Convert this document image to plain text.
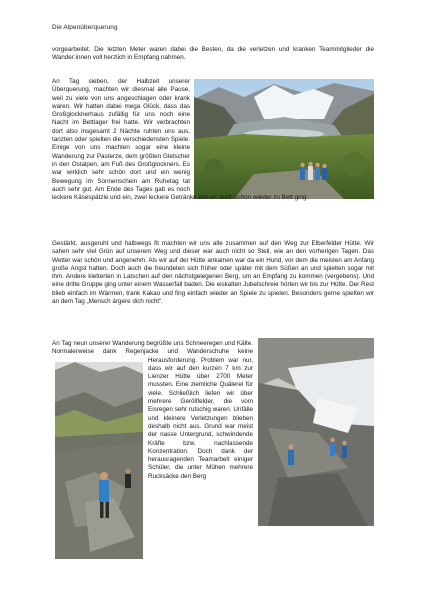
Die Alpenüberquerung

vorgearbeitet. Die letzten Meter waren dabei die Besten, da die verletzen und kranken Teammitglieder die Wander:innen voll herzlich in Empfang nahmen.

An Tag sieben, der Halbzeit unserer Überquerung, machten wir diesmal alle Pause, weil zu viele von uns angeschlagen oder krank waren. Wir hatten dabei mega Glück, dass das Großglocknerhaus zufällig für uns noch eine Nacht im Bettlager frei hatte. Wir verbrachten dort also insgesamt 2 Nächte ruhten uns aus, tanzten oder spielten die verschiedensten Spiele. Einige von uns machten sogar eine kleine Wanderung zur Pasterze, dem größten Gletscher in den Ostalpen, am Fuß des Großglockners. Es war wirklich sehr schön dort und ein wenig Bewegung im Sonnenschein am Ruhetag tat auch sehr gut. Am Ende des Tages gab es noch leckere Käsespätzle und ein, zwei leckere Getränke ehe es auch schon wieder zu Bett ging.

Gestärkt, ausgeruht und halbwegs fit machten wir uns alle zusammen auf den Weg zur Elberfelder Hütte. Wir sahen sehr viel Grün auf unserem Weg und dieser war auch nicht so Steil, wie an den vorherigen Tagen. Das Wetter war schön und angenehm. Als wir auf der Hütte ankamen war da ein Hund, vor dem die meisten am Anfang große Angst hatten. Doch auch die freundeten sich früher oder später mit dem Süßen an und spielten sogar mit ihm. Andere kletterten in Latschen auf den nächstgelegenen Berg, um an Empfang zu kommen (vergebens). Und eine dritte Gruppe ging unter einem Wasserfall baden. Die eiskalten Jubelschreie hörten wir bis zur Hütte. Der Rest blieb einfach im Wärmen, trank Kakao und fing einfach wieder an Spiele zu spielen. Besonders gerne spielten wir an dem Tag „Mensch ärgere dich nicht“.

An Tag neun unserer Wanderung begrüßte uns Schneeregen und Kälte. Normalerweise dank Regenjacke und Wanderschuhe keine Herausforderung. Problem war nur, dass wir auf den kurzen 7 km zur Lienzer Hütte über 2700 Meter mussten. Eine ziemliche Quälerei für viele. Schließlich liefen wir über mehrere Geröllfelder, die vom Eisregen sehr rutschig waren. Unfälle und kleinere Verletzungen blieben deshalb nicht aus. Grund war meist der nasse Untergrund, schwindende Kräfte bzw. nachlassende Konzentration. Doch dank der herausragenden Teamarbeit einiger Schüler, die unter Mühen mehrere Rucksäcke den Berg
